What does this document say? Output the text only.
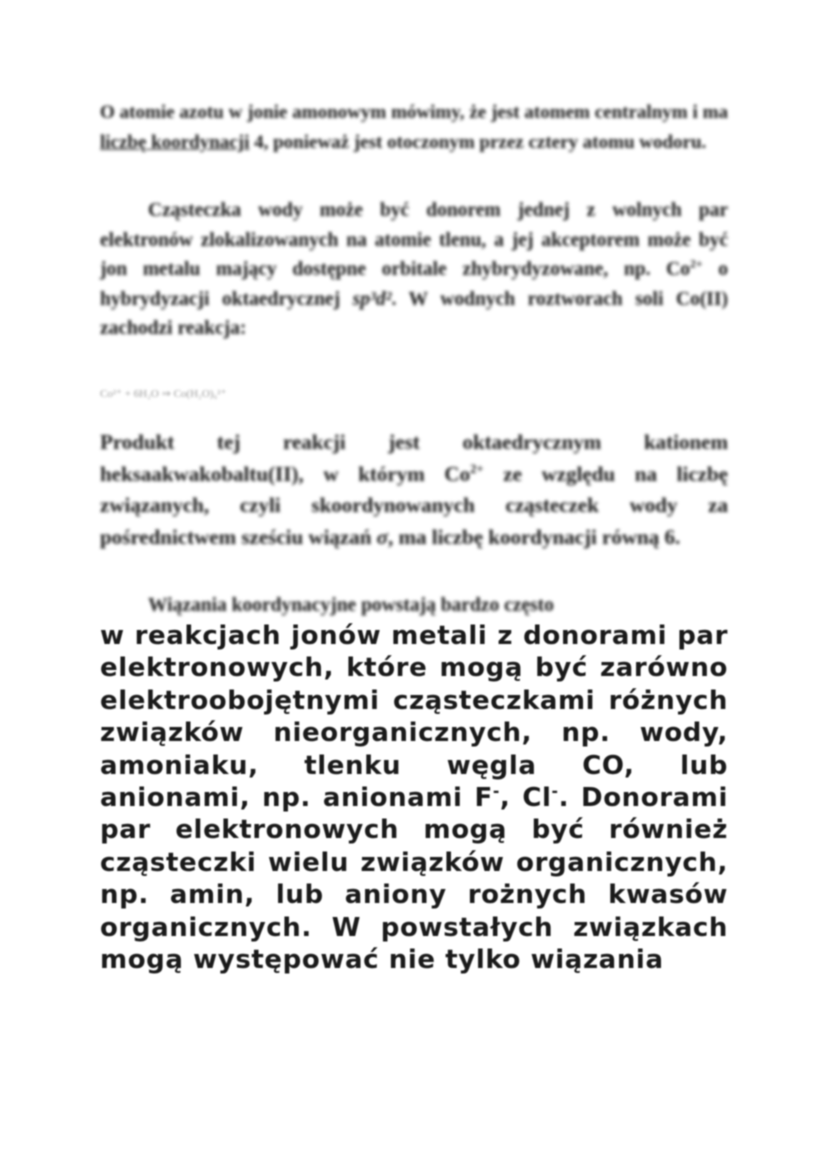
O atomie azotu w jonie amonowym mówimy, że jest atomem centralnym i ma liczbę koordynacji 4, ponieważ jest otoczonym przez cztery atomu wodoru.

Cząsteczka wody może być donorem jednej z wolnych par elektronów zlokalizowanych na atomie tlenu, a jej akceptorem może być jon metalu mający dostępne orbitale zhybrydyzowane, np. $Co^{2+}$ o hybrydyzacji oktaedrycznej sp³d². W wodnych roztworach soli Co(II) zachodzi reakcja:

Co²⁺ + 6H₂O ⇒ Co(H₂O)₆²⁺

Produkt tej reakcji jest oktaedrycznym kationem heksaakwakobaltu(II), w którym $Co^{2+}$ ze względu na liczbę związanych, czyli skoordynowanych cząsteczek wody za pośrednictwem sześciu wiązań σ, ma liczbę koordynacji równą 6.

Wiązania koordynacyjne powstają bardzo często

w reakcjach jonów metali z donorami par elektronowych, które mogą być zarówno elektroobojętnymi cząsteczkami różnych związków nieorganicznych, np. wody, amoniaku, tlenku węgla CO, lub anionami, np. anionami F-, Cl-. Donorami par elektronowych mogą być również cząsteczki wielu związków organicznych, np. amin, lub aniony rożnych kwasów organicznych. W powstałych związkach mogą występować nie tylko wiązania
